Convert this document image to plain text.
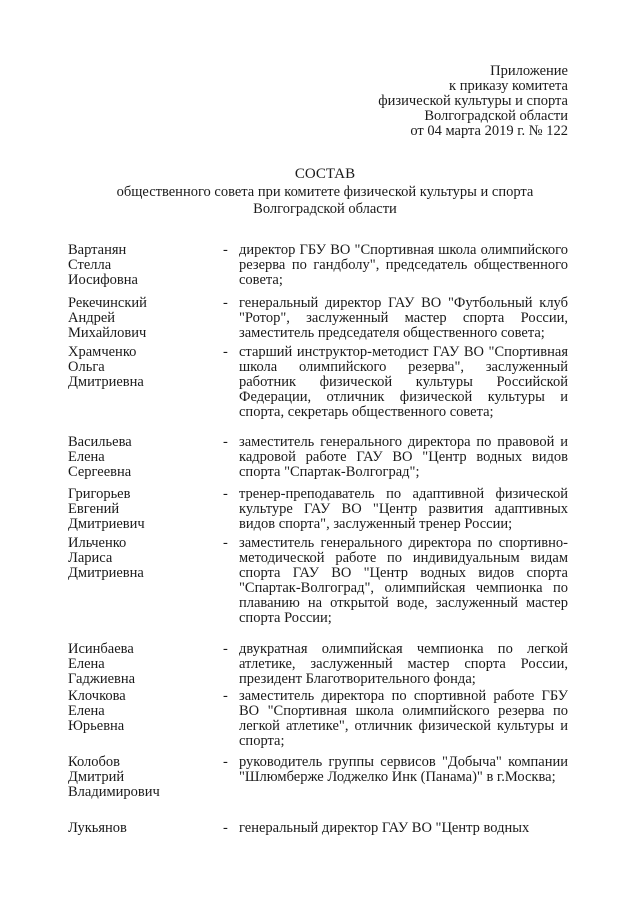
Приложение
к приказу комитета
физической культуры и спорта
Волгоградской области
от 04 марта 2019 г. № 122
СОСТАВ
общественного совета при комитете физической культуры и спорта
Волгоградской области
Вартанян
Стелла
Иосифовна
- директор ГБУ ВО "Спортивная школа олимпийского резерва по гандболу", председатель общественного совета;
Рекечинский
Андрей
Михайлович
- генеральный директор ГАУ ВО "Футбольный клуб "Ротор", заслуженный мастер спорта России, заместитель председателя общественного совета;
Храмченко
Ольга
Дмитриевна
- старший инструктор-методист ГАУ ВО "Спортивная школа олимпийского резерва", заслуженный работник физической культуры Российской Федерации, отличник физической культуры и спорта, секретарь общественного совета;
Васильева
Елена
Сергеевна
- заместитель генерального директора по правовой и кадровой работе ГАУ ВО "Центр водных видов спорта "Спартак-Волгоград";
Григорьев
Евгений
Дмитриевич
- тренер-преподаватель по адаптивной физической культуре ГАУ ВО "Центр развития адаптивных видов спорта", заслуженный тренер России;
Ильченко
Лариса
Дмитриевна
- заместитель генерального директора по спортивно-методической работе по индивидуальным видам спорта ГАУ ВО "Центр водных видов спорта "Спартак-Волгоград", олимпийская чемпионка по плаванию на открытой воде, заслуженный мастер спорта России;
Исинбаева
Елена
Гаджиевна
- двукратная олимпийская чемпионка по легкой атлетике, заслуженный мастер спорта России, президент Благотворительного фонда;
Клочкова
Елена
Юрьевна
- заместитель директора по спортивной работе ГБУ ВО "Спортивная школа олимпийского резерва по легкой атлетике", отличник физической культуры и спорта;
Колобов
Дмитрий
Владимирович
- руководитель группы сервисов "Добыча" компании "Шлюмберже Лоджелко Инк (Панама)" в г.Москва;
Лукьянов	- генеральный директор ГАУ ВО "Центр водных
